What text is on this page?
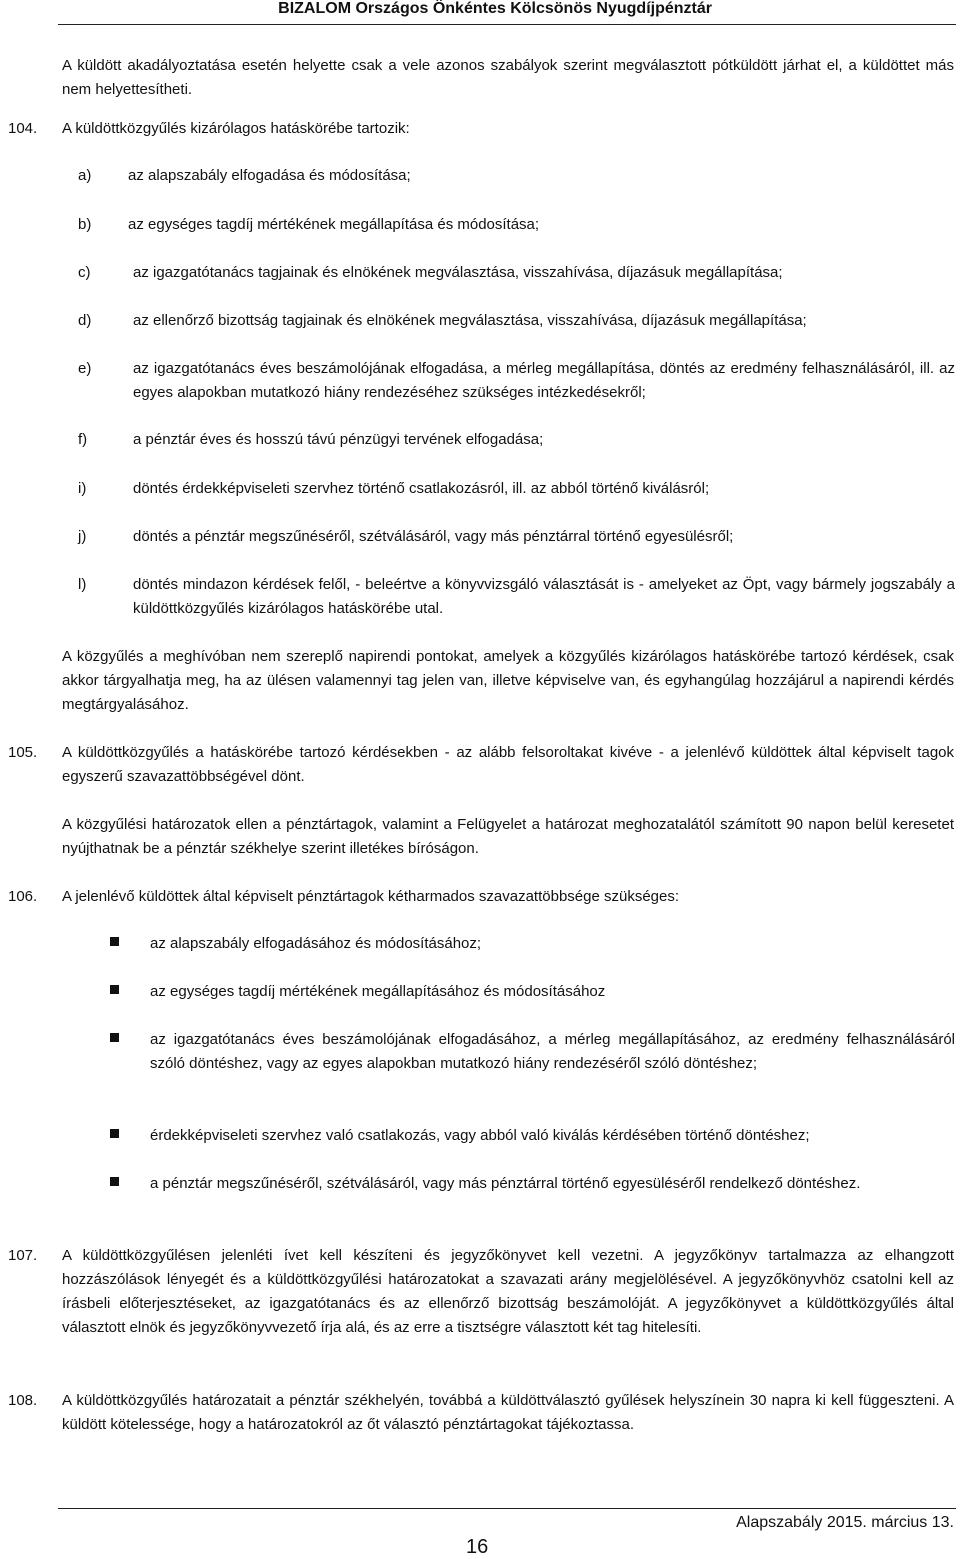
BIZALOM Országos Önkéntes Kölcsönös Nyugdíjpénztár

A küldött akadályoztatása esetén helyette csak a vele azonos szabályok szerint megválasztott pótküldött járhat el, a küldöttet más nem helyettesítheti.

104.	A küldöttközgyűlés kizárólagos hatáskörébe tartozik:

a)	az alapszabály elfogadása és módosítása;

b)	az egységes tagdíj mértékének megállapítása és módosítása;

c)	az igazgatótanács tagjainak és elnökének megválasztása, visszahívása, díjazásuk megállapítása;

d)	az ellenőrző bizottság tagjainak és elnökének megválasztása, visszahívása, díjazásuk megállapítása;

e)	az igazgatótanács éves beszámolójának elfogadása, a mérleg megállapítása, döntés az eredmény felhasználásáról, ill. az egyes alapokban mutatkozó hiány rendezéséhez szükséges intézkedésekről;

f)	a pénztár éves és hosszú távú pénzügyi tervének elfogadása;

i)	döntés érdekképviseleti szervhez történő csatlakozásról, ill. az abból történő kiválásról;

j)	döntés a pénztár megszűnéséről, szétválásáról, vagy más pénztárral történő egyesülésről;

l)	döntés mindazon kérdések felől, - beleértve a könyvvizsgáló választását is - amelyeket az Öpt, vagy bármely jogszabály a küldöttközgyűlés kizárólagos hatáskörébe utal.

A közgyűlés a meghívóban nem szereplő napirendi pontokat, amelyek a közgyűlés kizárólagos hatáskörébe tartozó kérdések, csak akkor tárgyalhatja meg, ha az ülésen valamennyi tag jelen van, illetve képviselve van, és egyhangúlag hozzájárul a napirendi kérdés megtárgyalásához.

105.	A küldöttközgyűlés a hatáskörébe tartozó kérdésekben - az alább felsoroltakat kivéve - a jelenlévő küldöttek által képviselt tagok egyszerű szavazattöbbségével dönt.

A közgyűlési határozatok ellen a pénztártagok, valamint a Felügyelet a határozat meghozatalától számított 90 napon belül keresetet nyújthatnak be a pénztár székhelye szerint illetékes bíróságon.

106.	A jelenlévő küldöttek által képviselt pénztártagok kétharmados szavazattöbbsége szükséges:

az alapszabály elfogadásához és módosításához;

az egységes tagdíj mértékének megállapításához és módosításához

az igazgatótanács éves beszámolójának elfogadásához, a mérleg megállapításához, az eredmény felhasználásáról szóló döntéshez, vagy az egyes alapokban mutatkozó hiány rendezéséről szóló döntéshez;

érdekképviseleti szervhez való csatlakozás, vagy abból való kiválás kérdésében történő döntéshez;

a pénztár megszűnéséről, szétválásáról, vagy más pénztárral történő egyesüléséről rendelkező döntéshez.

107.	A küldöttközgyűlésen jelenléti ívet kell készíteni és jegyzőkönyvet kell vezetni. A jegyzőkönyv tartalmazza az elhangzott hozzászólások lényegét és a küldöttközgyűlési határozatokat a szavazati arány megjelölésével. A jegyzőkönyvhöz csatolni kell az írásbeli előterjesztéseket, az igazgatótanács és az ellenőrző bizottság beszámolóját. A jegyzőkönyvet a küldöttközgyűlés által választott elnök és jegyzőkönyvvezető írja alá, és az erre a tisztségre választott két tag hitelesíti.

108.	A küldöttközgyűlés határozatait a pénztár székhelyén, továbbá a küldöttválasztó gyűlések helyszínein 30 napra ki kell függeszteni. A küldött kötelessége, hogy a határozatokról az őt választó pénztártagokat tájékoztassa.

Alapszabály 2015. március 13.
16
